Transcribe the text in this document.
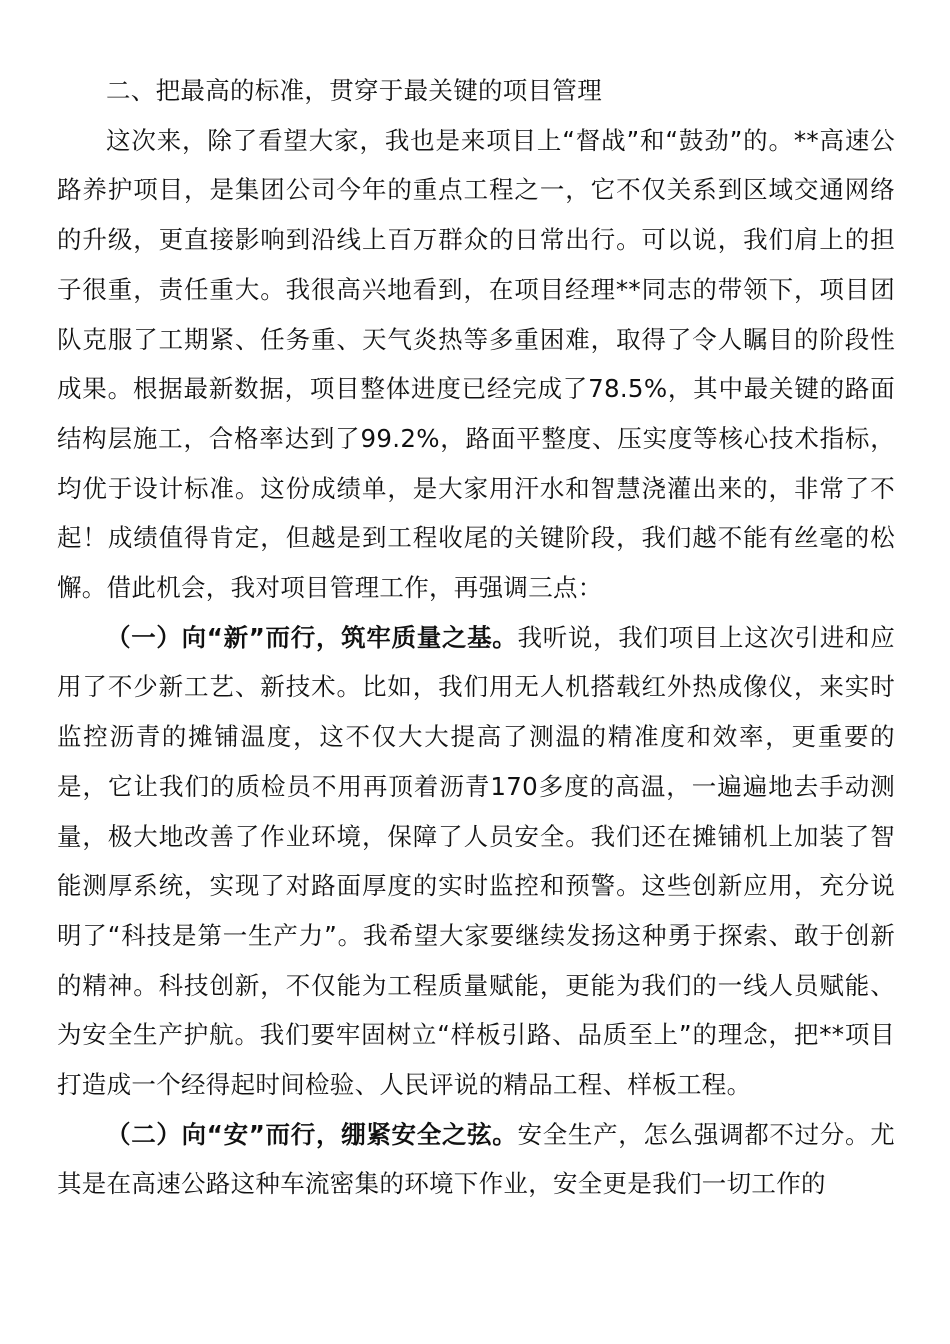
二、把最高的标准，贯穿于最关键的项目管理

这次来，除了看望大家，我也是来项目上“督战”和“鼓劲”的。**高速公路养护项目，是集团公司今年的重点工程之一，它不仅关系到区域交通网络的升级，更直接影响到沿线上百万群众的日常出行。可以说，我们肩上的担子很重，责任重大。我很高兴地看到，在项目经理**同志的带领下，项目团队克服了工期紧、任务重、天气炎热等多重困难，取得了令人瞩目的阶段性成果。根据最新数据，项目整体进度已经完成了78.5%，其中最关键的路面结构层施工，合格率达到了99.2%，路面平整度、压实度等核心技术指标，均优于设计标准。这份成绩单，是大家用汗水和智慧浇灌出来的，非常了不起！成绩值得肯定，但越是到工程收尾的关键阶段，我们越不能有丝毫的松懈。借此机会，我对项目管理工作，再强调三点：

（一）向“新”而行，筑牢质量之基。我听说，我们项目上这次引进和应用了不少新工艺、新技术。比如，我们用无人机搭载红外热成像仪，来实时监控沥青的摊铺温度，这不仅大大提高了测温的精准度和效率，更重要的是，它让我们的质检员不用再顶着沥青170多度的高温，一遍遍地去手动测量，极大地改善了作业环境，保障了人员安全。我们还在摊铺机上加装了智能测厚系统，实现了对路面厚度的实时监控和预警。这些创新应用，充分说明了“科技是第一生产力”。我希望大家要继续发扬这种勇于探索、敢于创新的精神。科技创新，不仅能为工程质量赋能，更能为我们的一线人员赋能、为安全生产护航。我们要牢固树立“样板引路、品质至上”的理念，把**项目打造成一个经得起时间检验、人民评说的精品工程、样板工程。

（二）向“安”而行，绷紧安全之弦。安全生产，怎么强调都不过分。尤其是在高速公路这种车流密集的环境下作业，安全更是我们一切工作的
